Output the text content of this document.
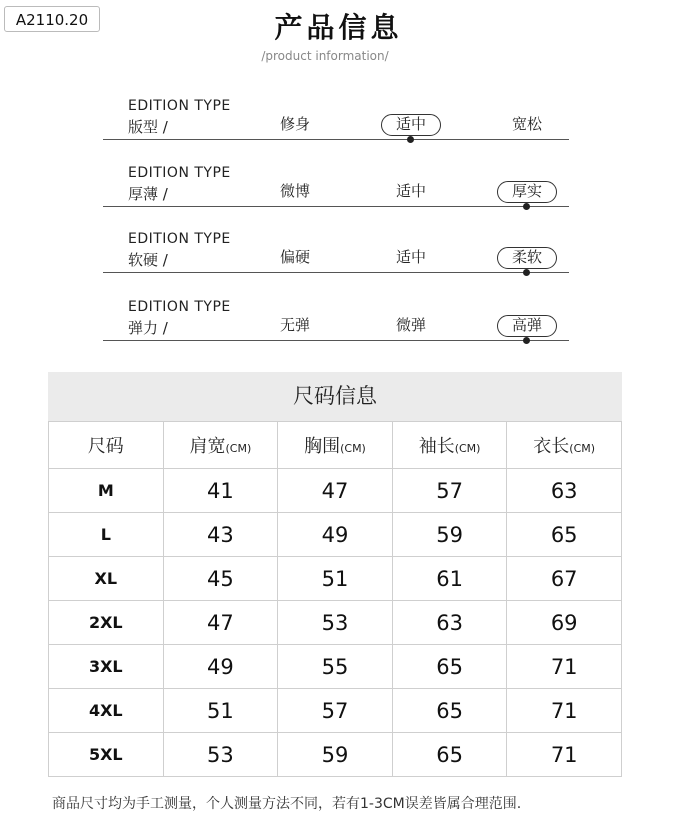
A2110.20	产品信息
/product information/
EDITION TYPE
版型 /	修身	适中	宽松
EDITION TYPE
厚薄 /	微博	适中	厚实
EDITION TYPE
软硬 /	偏硬	适中	柔软
EDITION TYPE
弹力 /	无弹	微弹	高弹
尺码信息
尺码	肩宽(CM)	胸围(CM)	袖长(CM)	衣长(CM)
M	41	47	57	63
L	43	49	59	65
XL	45	51	61	67
2XL	47	53	63	69
3XL	49	55	65	71
4XL	51	57	65	71
5XL	53	59	65	71
商品尺寸均为手工测量，个人测量方法不同，若有1-3CM误差皆属合理范围.
